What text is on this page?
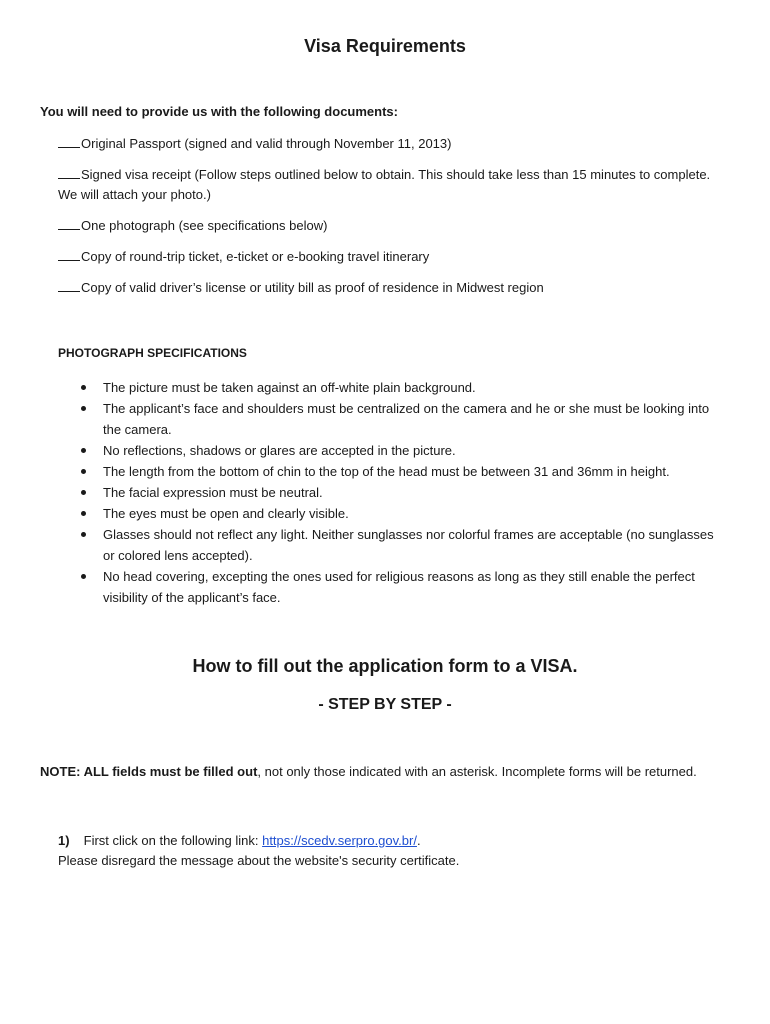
Visa Requirements

You will need to provide us with the following documents:

Original Passport (signed and valid through November 11, 2013)

Signed visa receipt (Follow steps outlined below to obtain. This should take less than 15 minutes to complete.

We will attach your photo.)

One photograph (see specifications below)

Copy of round-trip ticket, e-ticket or e-booking travel itinerary

Copy of valid driver’s license or utility bill as proof of residence in Midwest region

PHOTOGRAPH SPECIFICATIONS

The picture must be taken against an off-white plain background.
The applicant’s face and shoulders must be centralized on the camera and he or she must be looking into the camera.
No reflections, shadows or glares are accepted in the picture.
The length from the bottom of chin to the top of the head must be between 31 and 36mm in height.
The facial expression must be neutral.
The eyes must be open and clearly visible.
Glasses should not reflect any light. Neither sunglasses nor colorful frames are acceptable (no sunglasses or colored lens accepted).
No head covering, excepting the ones used for religious reasons as long as they still enable the perfect visibility of the applicant’s face.
How to fill out the application form to a VISA.
- STEP BY STEP -

NOTE: ALL fields must be filled out, not only those indicated with an asterisk. Incomplete forms will be returned.

1) First click on the following link: https://scedv.serpro.gov.br/.
Please disregard the message about the website's security certificate.
